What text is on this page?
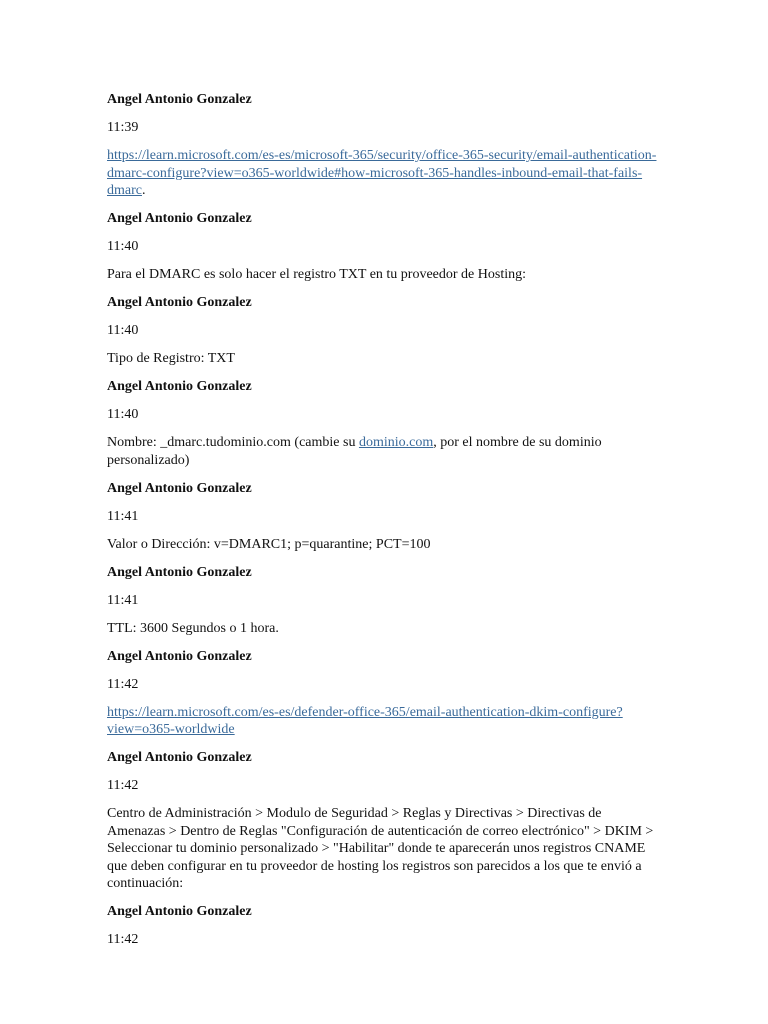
Angel Antonio Gonzalez

11:39

https://learn.microsoft.com/es-es/microsoft-365/security/office-365-security/email-authentication-dmarc-configure?view=o365-worldwide#how-microsoft-365-handles-inbound-email-that-fails-dmarc.

Angel Antonio Gonzalez

11:40

Para el DMARC es solo hacer el registro TXT en tu proveedor de Hosting:

Angel Antonio Gonzalez

11:40

Tipo de Registro: TXT

Angel Antonio Gonzalez

11:40

Nombre: _dmarc.tudominio.com (cambie su dominio.com, por el nombre de su dominio personalizado)

Angel Antonio Gonzalez

11:41

Valor o Dirección: v=DMARC1; p=quarantine; PCT=100

Angel Antonio Gonzalez

11:41

TTL: 3600 Segundos o 1 hora.

Angel Antonio Gonzalez

11:42

https://learn.microsoft.com/es-es/defender-office-365/email-authentication-dkim-configure?view=o365-worldwide

Angel Antonio Gonzalez

11:42

Centro de Administración > Modulo de Seguridad > Reglas y Directivas > Directivas de Amenazas > Dentro de Reglas "Configuración de autenticación de correo electrónico" > DKIM > Seleccionar tu dominio personalizado > "Habilitar" donde te aparecerán unos registros CNAME que deben configurar en tu proveedor de hosting los registros son parecidos a los que te envió a continuación:

Angel Antonio Gonzalez

11:42
